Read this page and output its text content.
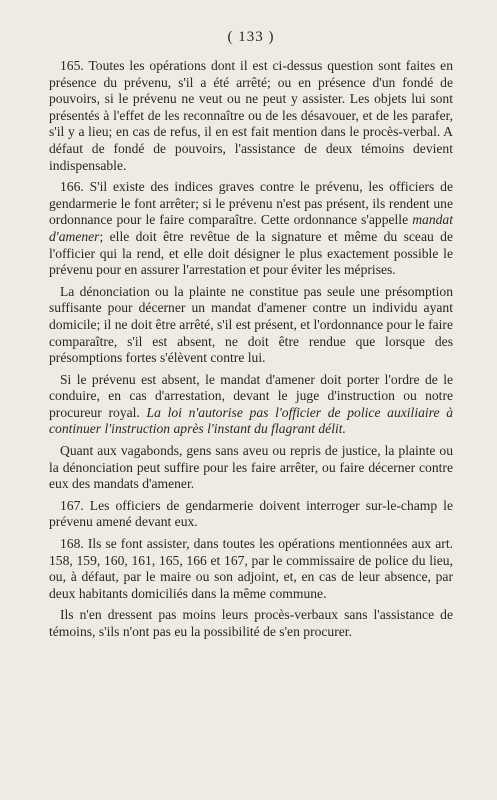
( 133 )

165. Toutes les opérations dont il est ci-dessus question sont faites en présence du prévenu, s'il a été arrêté; ou en présence d'un fondé de pouvoirs, si le prévenu ne veut ou ne peut y assister. Les objets lui sont présentés à l'effet de les reconnaître ou de les désavouer, et de les parafer, s'il y a lieu; en cas de refus, il en est fait mention dans le procès-verbal. A défaut de fondé de pouvoirs, l'assistance de deux témoins devient indispensable.

166. S'il existe des indices graves contre le prévenu, les officiers de gendarmerie le font arrêter; si le prévenu n'est pas présent, ils rendent une ordonnance pour le faire comparaître. Cette ordonnance s'appelle mandat d'amener; elle doit être revêtue de la signature et même du sceau de l'officier qui la rend, et elle doit désigner le plus exactement possible le prévenu pour en assurer l'arrestation et pour éviter les méprises.

La dénonciation ou la plainte ne constitue pas seule une présomption suffisante pour décerner un mandat d'amener contre un individu ayant domicile; il ne doit être arrêté, s'il est présent, et l'ordonnance pour le faire comparaître, s'il est absent, ne doit être rendue que lorsque des présomptions fortes s'élèvent contre lui.

Si le prévenu est absent, le mandat d'amener doit porter l'ordre de le conduire, en cas d'arrestation, devant le juge d'instruction ou notre procureur royal. La loi n'autorise pas l'officier de police auxiliaire à continuer l'instruction après l'instant du flagrant délit.

Quant aux vagabonds, gens sans aveu ou repris de justice, la plainte ou la dénonciation peut suffire pour les faire arrêter, ou faire décerner contre eux des mandats d'amener.

167. Les officiers de gendarmerie doivent interroger sur-le-champ le prévenu amené devant eux.

168. Ils se font assister, dans toutes les opérations mentionnées aux art. 158, 159, 160, 161, 165, 166 et 167, par le commissaire de police du lieu, ou, à défaut, par le maire ou son adjoint, et, en cas de leur absence, par deux habitants domiciliés dans la même commune.

Ils n'en dressent pas moins leurs procès-verbaux sans l'assistance de témoins, s'ils n'ont pas eu la possibilité de s'en procurer.
